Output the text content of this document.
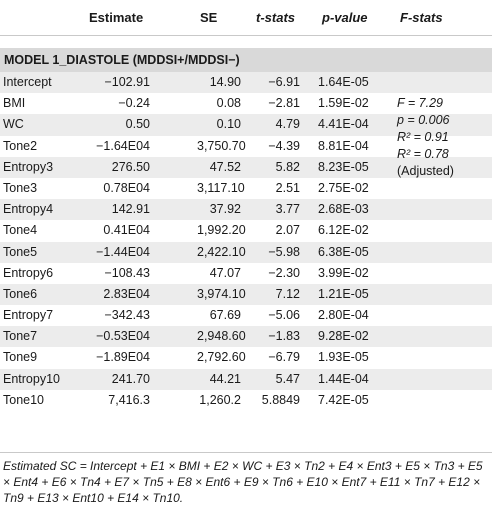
Estimate	SE	t-stats p-value F-stats
MODEL 1_DIASTOLE (MDDSI+/MDDSI−)
Intercept	−102.91	14.90	−6.91 1.64E-05
BMI	−0.24	0.08	−2.81 1.59E-02
WC	0.50	0.10	4.79 4.41E-04
Tone2	−1.64E04	3,750.70	−4.39 8.81E-04
Entropy3	276.50	47.52	5.82 8.23E-05
Tone3	0.78E04	3,117.10	2.51 2.75E-02
Entropy4	142.91	37.92	3.77 2.68E-03
Tone4	0.41E04	1,992.20	2.07 6.12E-02
Tone5	−1.44E04	2,422.10	−5.98 6.38E-05
Entropy6	−108.43	47.07	−2.30 3.99E-02
Tone6	2.83E04	3,974.10	7.12 1.21E-05
Entropy7	−342.43	67.69	−5.06 2.80E-04
Tone7	−0.53E04	2,948.60	−1.83 9.28E-02
Tone9	−1.89E04	2,792.60	−6.79 1.93E-05
Entropy10	241.70	44.21	5.47 1.44E-04
Tone10	7,416.3	1,260.2	5.8849 7.42E-05
F = 7.29
p = 0.006
R² = 0.91
R² = 0.78
(Adjusted)
Estimated SC = Intercept + E1 × BMI + E2 × WC + E3 × Tn2 + E4 × Ent3 + E5 × Tn3 + E5 × Ent4 + E6 × Tn4 + E7 × Tn5 + E8 × Ent6 + E9 × Tn6 + E10 × Ent7 + E11 × Tn7 + E12 × Tn9 + E13 × Ent10 + E14 × Tn10.
